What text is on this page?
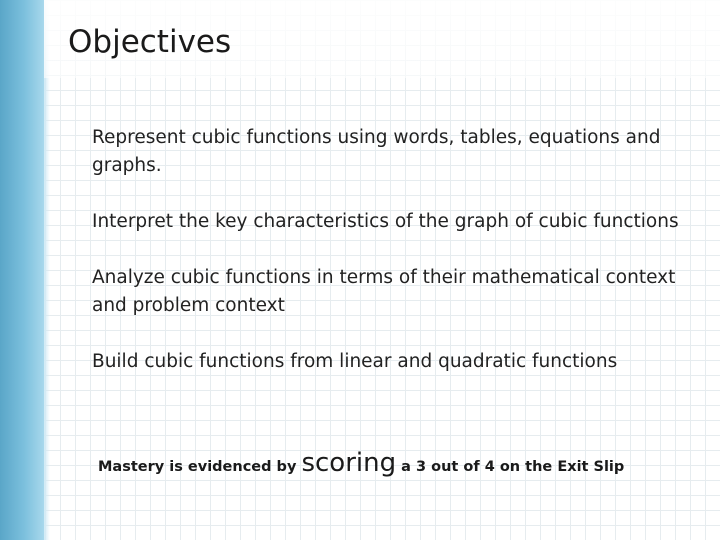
Objectives
Represent cubic functions using words, tables, equations and graphs.
Interpret the key characteristics of the graph of cubic functions
Analyze cubic functions in terms of their mathematical context and problem context
Build cubic functions from linear and quadratic functions
Mastery is evidenced by scoring a 3 out of 4 on the Exit Slip
